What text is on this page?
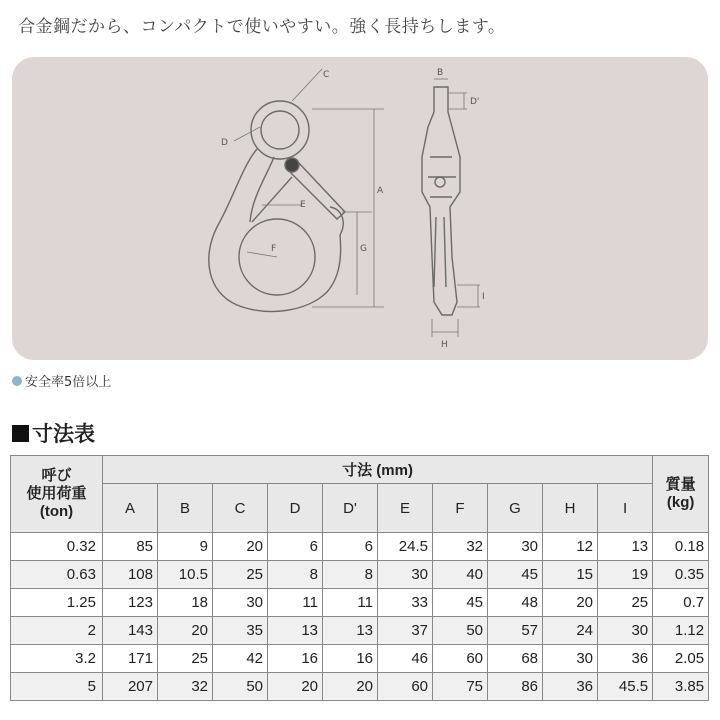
合金鋼だから、コンパクトで使いやすい。強く長持ちします。
C
D
A
E
F	G
B
D'
I
H
安全率5倍以上
寸法表
呼び
使用荷重
(ton)	寸法 (mm)										質量
(kg)
	A	B	C	D	D'	E	F	G	H	I	
0.32	85	9	20	6	6	24.5	32	30	12	13	0.18
0.63	108	10.5	25	8	8	30	40	45	15	19	0.35
1.25	123	18	30	11	11	33	45	48	20	25	0.7
2	143	20	35	13	13	37	50	57	24	30	1.12
3.2	171	25	42	16	16	46	60	68	30	36	2.05
5	207	32	50	20	20	60	75	86	36	45.5	3.85
